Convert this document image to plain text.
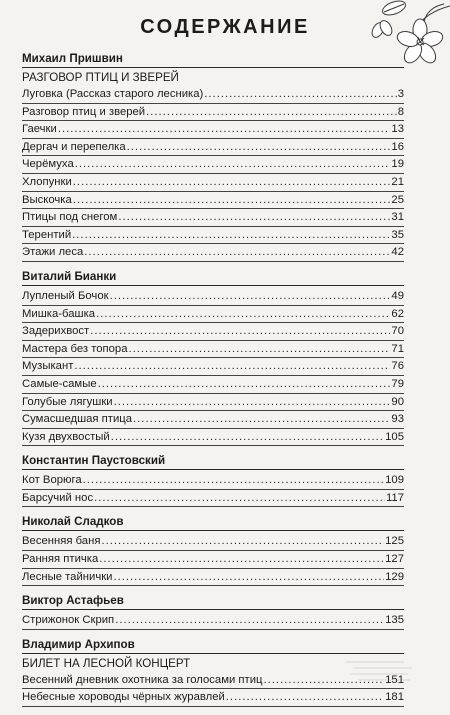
СОДЕРЖАНИЕ
Михаил Пришвин
РАЗГОВОР ПТИЦ И ЗВЕРЕЙ
Луговка (Рассказ старого лесника) .....	3
Разговор птиц и зверей .....	8
Гаечки .....	13
Дергач и перепелка .....	16
Черёмуха .....	19
Хлопунки .....	21
Выскочка .....	25
Птицы под снегом .....	31
Терентий .....	35
Этажи леса .....	42
Виталий Бианки
Лупленый Бочок .....	49
Мишка-башка .....	62
Задерихвост .....	70
Мастера без топора .....	71
Музыкант .....	76
Самые-самые .....	79
Голубые лягушки .....	90
Сумасшедшая птица .....	93
Кузя двухвостый .....	105
Константин Паустовский
Кот Ворюга .....	109
Барсучий нос .....	117
Николай Сладков
Весенняя баня .....	125
Ранняя птичка .....	127
Лесные тайнички .....	129
Виктор Астафьев
Стрижонок Скрип .....	135
Владимир Архипов
БИЛЕТ НА ЛЕСНОЙ КОНЦЕРТ
Весенний дневник охотника за голосами птиц .....	151
Небесные хороводы чёрных журавлей .....	181
